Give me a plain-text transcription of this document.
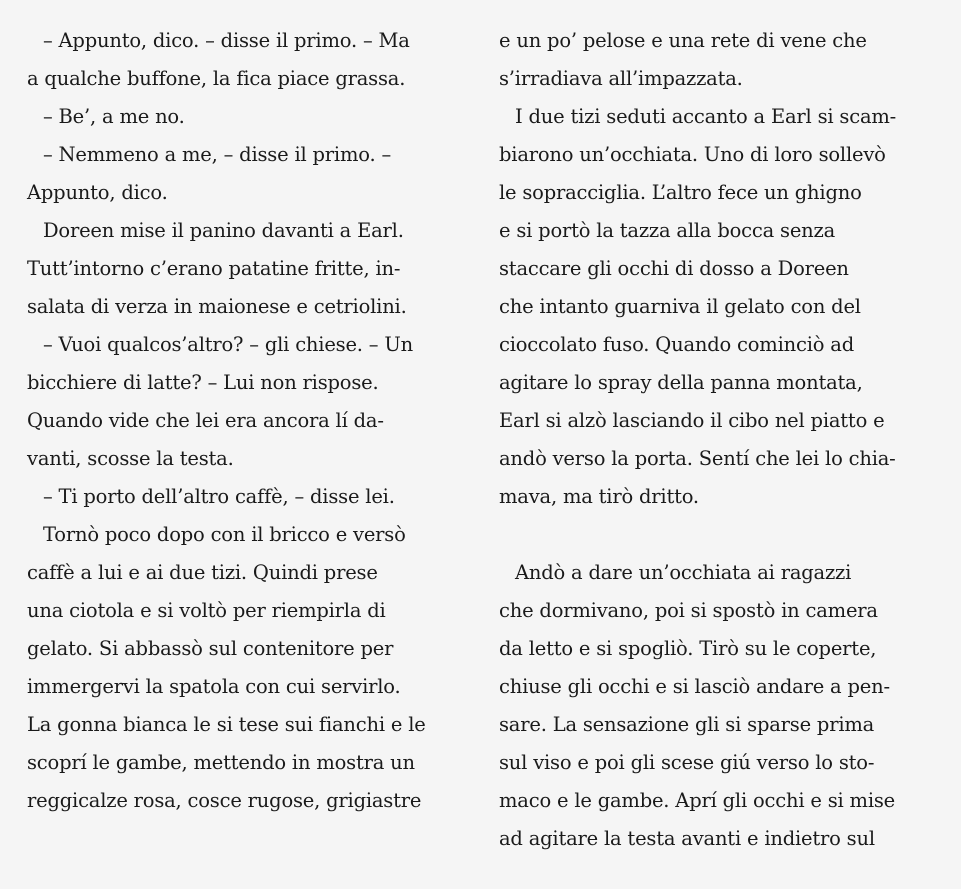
– Appunto, dico. – disse il primo. – Ma
a qualche buffone, la fica piace grassa.
– Be’, a me no.
– Nemmeno a me, – disse il primo. –
Appunto, dico.
Doreen mise il panino davanti a Earl.
Tutt’intorno c’erano patatine fritte, in-
salata di verza in maionese e cetriolini.
– Vuoi qualcos’altro? – gli chiese. – Un
bicchiere di latte? – Lui non rispose.
Quando vide che lei era ancora lí da-
vanti, scosse la testa.
– Ti porto dell’altro caffè, – disse lei.
Tornò poco dopo con il bricco e versò
caffè a lui e ai due tizi. Quindi prese
una ciotola e si voltò per riempirla di
gelato. Si abbassò sul contenitore per
immergervi la spatola con cui servirlo.
La gonna bianca le si tese sui fianchi e le
scoprí le gambe, mettendo in mostra un
reggicalze rosa, cosce rugose, grigiastre
e un po’ pelose e una rete di vene che
s’irradiava all’impazzata.
I due tizi seduti accanto a Earl si scam-
biarono un’occhiata. Uno di loro sollevò
le sopracciglia. L’altro fece un ghigno
e si portò la tazza alla bocca senza
staccare gli occhi di dosso a Doreen
che intanto guarniva il gelato con del
cioccolato fuso. Quando cominciò ad
agitare lo spray della panna montata,
Earl si alzò lasciando il cibo nel piatto e
andò verso la porta. Sentí che lei lo chia-
mava, ma tirò dritto.
Andò a dare un’occhiata ai ragazzi
che dormivano, poi si spostò in camera
da letto e si spogliò. Tirò su le coperte,
chiuse gli occhi e si lasciò andare a pen-
sare. La sensazione gli si sparse prima
sul viso e poi gli scese giú verso lo sto-
maco e le gambe. Aprí gli occhi e si mise
ad agitare la testa avanti e indietro sul
